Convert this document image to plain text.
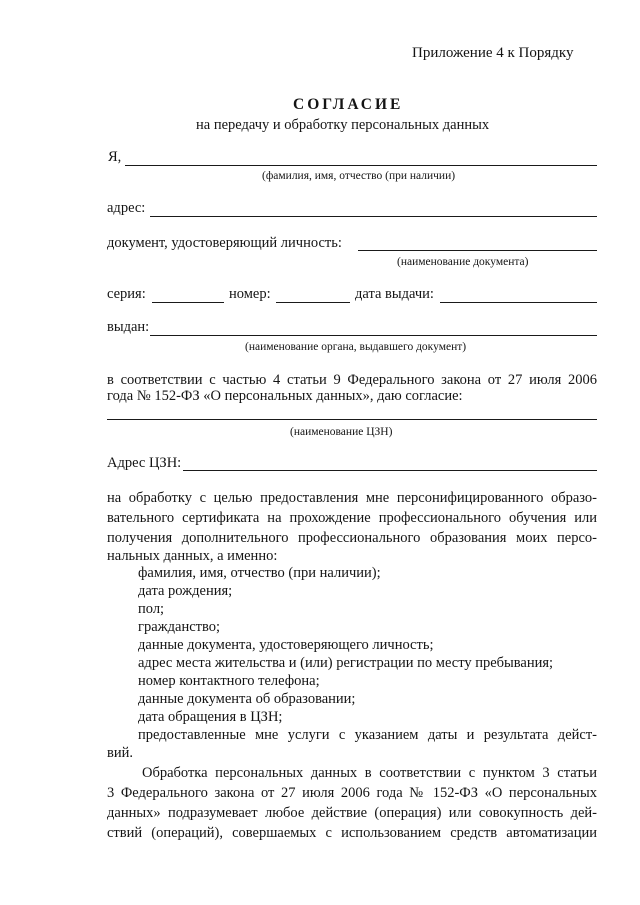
Приложение 4 к Порядку
СОГЛАСИЕ
на передачу и обработку персональных данных
Я,
(фамилия, имя, отчество (при наличии)
адрес:
документ, удостоверяющий личность:
(наименование документа)
серия:	номер:	дата выдачи:
выдан:
(наименование органа, выдавшего документ)
в соответствии с частью 4 статьи 9 Федерального закона от 27 июля 2006
года № 152-ФЗ «О персональных данных», даю согласие:
(наименование ЦЗН)
Адрес ЦЗН:
на обработку с целью предоставления мне персонифицированного образо-
вательного сертификата на прохождение профессионального обучения или
получения дополнительного профессионального образования моих персо-
нальных данных, а именно:
фамилия, имя, отчество (при наличии);
дата рождения;
пол;
гражданство;
данные документа, удостоверяющего личность;
адрес места жительства и (или) регистрации по месту пребывания;
номер контактного телефона;
данные документа об образовании;
дата обращения в ЦЗН;
предоставленные мне услуги с указанием даты и результата дейст-
вий.
Обработка персональных данных в соответствии с пунктом 3 статьи
3 Федерального закона от 27 июля 2006 года № 152-ФЗ «О персональных
данных» подразумевает любое действие (операция) или совокупность дей-
ствий (операций), совершаемых с использованием средств автоматизации
